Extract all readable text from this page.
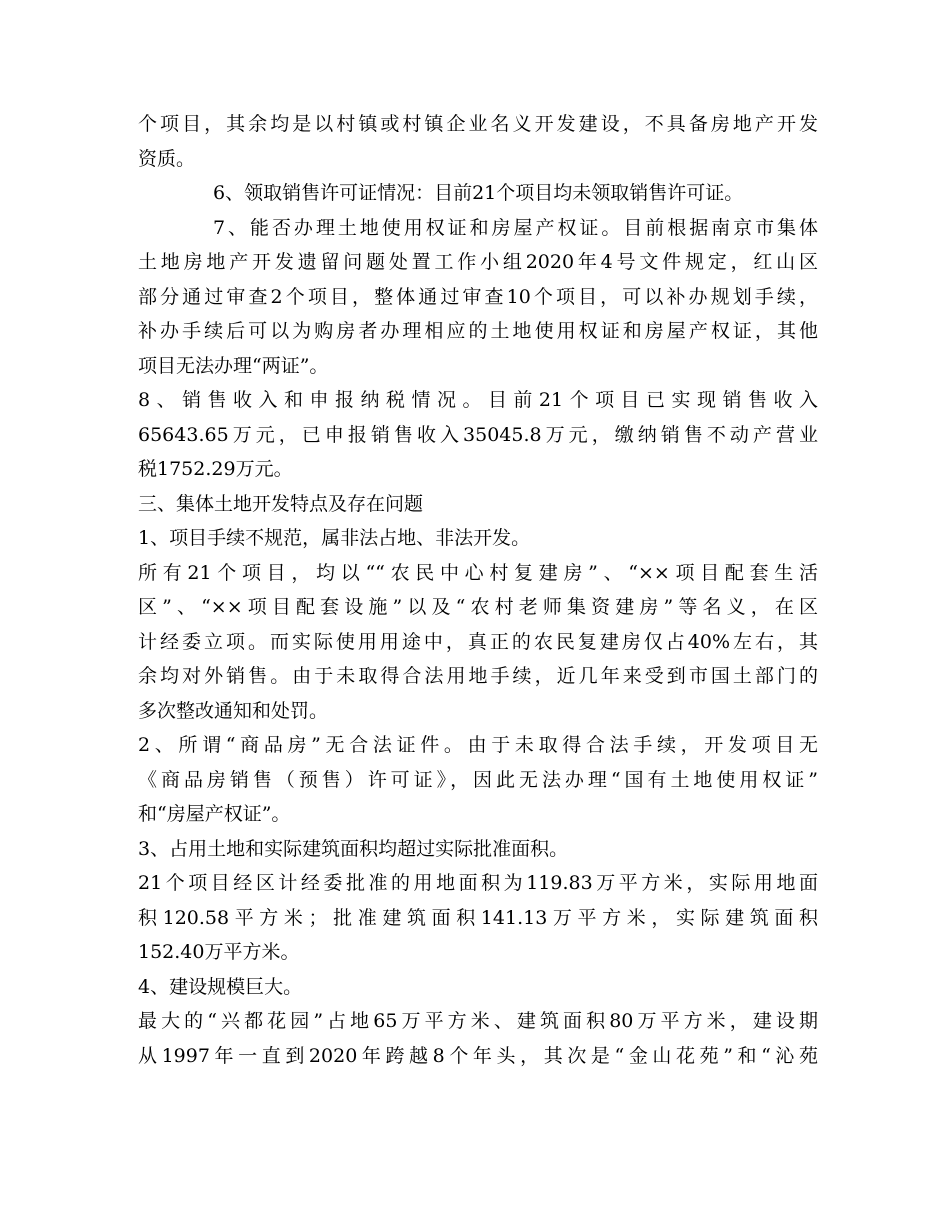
个项目，其余均是以村镇或村镇企业名义开发建设，不具备房地产开发
资质。
6、领取销售许可证情况：目前21个项目均未领取销售许可证。
7、能否办理土地使用权证和房屋产权证。目前根据南京市集体
土地房地产开发遗留问题处置工作小组2020年4号文件规定，红山区
部分通过审查2个项目，整体通过审查10个项目，可以补办规划手续，
补办手续后可以为购房者办理相应的土地使用权证和房屋产权证，其他
项目无法办理“两证”。
8、销售收入和申报纳税情况。目前21个项目已实现销售收入
65643.65万元，已申报销售收入35045.8万元，缴纳销售不动产营业
税1752.29万元。
三、集体土地开发特点及存在问题
1、项目手续不规范，属非法占地、非法开发。
所有21个项目，均以““农民中心村复建房”、“××项目配套生活
区”、“××项目配套设施”以及“农村老师集资建房”等名义，在区
计经委立项。而实际使用用途中，真正的农民复建房仅占40%左右，其
余均对外销售。由于未取得合法用地手续，近几年来受到市国土部门的
多次整改通知和处罚。
2、所谓“商品房”无合法证件。由于未取得合法手续，开发项目无
《商品房销售（预售）许可证》，因此无法办理“国有土地使用权证”
和“房屋产权证”。
3、占用土地和实际建筑面积均超过实际批准面积。
21个项目经区计经委批准的用地面积为119.83万平方米，实际用地面
积120.58平方米；批准建筑面积141.13万平方米，实际建筑面积
152.40万平方米。
4、建设规模巨大。
最大的“兴都花园”占地65万平方米、建筑面积80万平方米，建设期
从1997年一直到2020年跨越8个年头，其次是“金山花苑”和“沁苑
